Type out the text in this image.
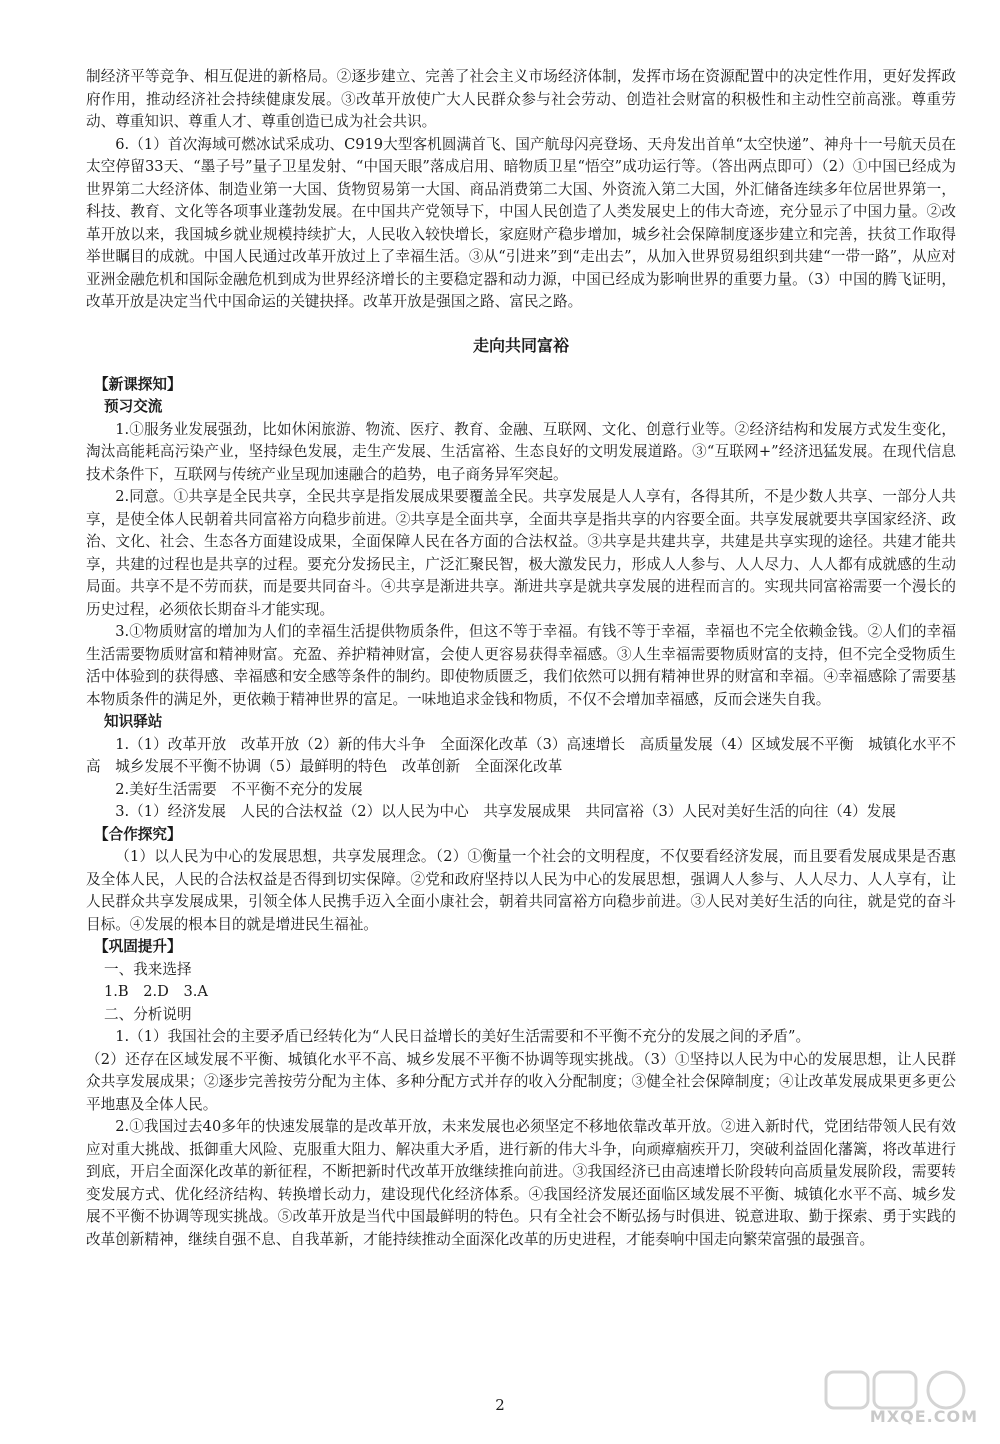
制经济平等竞争、相互促进的新格局。②逐步建立、完善了社会主义市场经济体制，发挥市场在资源配置中的决定性作用，更好发挥政府作用，推动经济社会持续健康发展。③改革开放使广大人民群众参与社会劳动、创造社会财富的积极性和主动性空前高涨。尊重劳动、尊重知识、尊重人才、尊重创造已成为社会共识。

6.（1）首次海域可燃冰试采成功、C919大型客机圆满首飞、国产航母闪亮登场、天舟发出首单“太空快递”、神舟十一号航天员在太空停留33天、“墨子号”量子卫星发射、“中国天眼”落成启用、暗物质卫星“悟空”成功运行等。（答出两点即可）（2）①中国已经成为世界第二大经济体、制造业第一大国、货物贸易第一大国、商品消费第二大国、外资流入第二大国，外汇储备连续多年位居世界第一，科技、教育、文化等各项事业蓬勃发展。在中国共产党领导下，中国人民创造了人类发展史上的伟大奇迹，充分显示了中国力量。②改革开放以来，我国城乡就业规模持续扩大，人民收入较快增长，家庭财产稳步增加，城乡社会保障制度逐步建立和完善，扶贫工作取得举世瞩目的成就。中国人民通过改革开放过上了幸福生活。③从“引进来”到“走出去”，从加入世界贸易组织到共建“一带一路”，从应对亚洲金融危机和国际金融危机到成为世界经济增长的主要稳定器和动力源，中国已经成为影响世界的重要力量。（3）中国的腾飞证明，改革开放是决定当代中国命运的关键抉择。改革开放是强国之路、富民之路。

走向共同富裕
【新课探知】
预习交流

1.①服务业发展强劲，比如休闲旅游、物流、医疗、教育、金融、互联网、文化、创意行业等。②经济结构和发展方式发生变化，淘汰高能耗高污染产业，坚持绿色发展，走生产发展、生活富裕、生态良好的文明发展道路。③“互联网+”经济迅猛发展。在现代信息技术条件下，互联网与传统产业呈现加速融合的趋势，电子商务异军突起。

2.同意。①共享是全民共享，全民共享是指发展成果要覆盖全民。共享发展是人人享有，各得其所，不是少数人共享、一部分人共享，是使全体人民朝着共同富裕方向稳步前进。②共享是全面共享，全面共享是指共享的内容要全面。共享发展就要共享国家经济、政治、文化、社会、生态各方面建设成果，全面保障人民在各方面的合法权益。③共享是共建共享，共建是共享实现的途径。共建才能共享，共建的过程也是共享的过程。要充分发扬民主，广泛汇聚民智，极大激发民力，形成人人参与、人人尽力、人人都有成就感的生动局面。共享不是不劳而获，而是要共同奋斗。④共享是渐进共享。渐进共享是就共享发展的进程而言的。实现共同富裕需要一个漫长的历史过程，必须依长期奋斗才能实现。

3.①物质财富的增加为人们的幸福生活提供物质条件，但这不等于幸福。有钱不等于幸福，幸福也不完全依赖金钱。②人们的幸福生活需要物质财富和精神财富。充盈、养护精神财富，会使人更容易获得幸福感。③人生幸福需要物质财富的支持，但不完全受物质生活中体验到的获得感、幸福感和安全感等条件的制约。即使物质匮乏，我们依然可以拥有精神世界的财富和幸福。④幸福感除了需要基本物质条件的满足外，更依赖于精神世界的富足。一味地追求金钱和物质，不仅不会增加幸福感，反而会迷失自我。

知识驿站

1.（1）改革开放　改革开放（2）新的伟大斗争　全面深化改革（3）高速增长　高质量发展（4）区域发展不平衡　城镇化水平不高　城乡发展不平衡不协调（5）最鲜明的特色　改革创新　全面深化改革

2.美好生活需要　不平衡不充分的发展

3.（1）经济发展　人民的合法权益（2）以人民为中心　共享发展成果　共同富裕（3）人民对美好生活的向往（4）发展

【合作探究】

（1）以人民为中心的发展思想，共享发展理念。（2）①衡量一个社会的文明程度，不仅要看经济发展，而且要看发展成果是否惠及全体人民，人民的合法权益是否得到切实保障。②党和政府坚持以人民为中心的发展思想，强调人人参与、人人尽力、人人享有，让人民群众共享发展成果，引领全体人民携手迈入全面小康社会，朝着共同富裕方向稳步前进。③人民对美好生活的向往，就是党的奋斗目标。④发展的根本目的就是增进民生福祉。

【巩固提升】
一、我来选择
1.B　2.D　3.A
二、分析说明

1.（1）我国社会的主要矛盾已经转化为“人民日益增长的美好生活需要和不平衡不充分的发展之间的矛盾”。

（2）还存在区域发展不平衡、城镇化水平不高、城乡发展不平衡不协调等现实挑战。（3）①坚持以人民为中心的发展思想，让人民群众共享发展成果；②逐步完善按劳分配为主体、多种分配方式并存的收入分配制度；③健全社会保障制度；④让改革发展成果更多更公平地惠及全体人民。

2.①我国过去40多年的快速发展靠的是改革开放，未来发展也必须坚定不移地依靠改革开放。②进入新时代，党团结带领人民有效应对重大挑战、抵御重大风险、克服重大阻力、解决重大矛盾，进行新的伟大斗争，向顽瘴痼疾开刀，突破利益固化藩篱，将改革进行到底，开启全面深化改革的新征程，不断把新时代改革开放继续推向前进。③我国经济已由高速增长阶段转向高质量发展阶段，需要转变发展方式、优化经济结构、转换增长动力，建设现代化经济体系。④我国经济发展还面临区域发展不平衡、城镇化水平不高、城乡发展不平衡不协调等现实挑战。⑤改革开放是当代中国最鲜明的特色。只有全社会不断弘扬与时俱进、锐意进取、勤于探索、勇于实践的改革创新精神，继续自强不息、自我革新，才能持续推动全面深化改革的历史进程，才能奏响中国走向繁荣富强的最强音。

2
MXQE.COM
